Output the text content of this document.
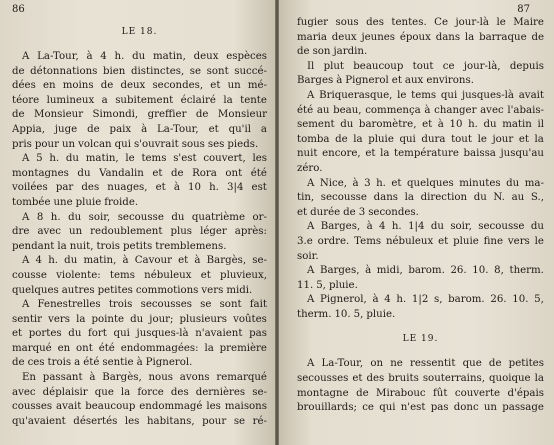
86
LE 18.
A La-Tour, à 4 h. du matin, deux espèces
de détonnations bien distinctes, se sont succé-
dées en moins de deux secondes, et un mé-
téore lumineux a subitement éclairé la tente
de Monsieur Simondi, greffier de Monsieur
Appia, juge de paix à La-Tour, et qu'il a
pris pour un volcan qui s'ouvrait sous ses pieds.
A 5 h. du matin, le tems s'est couvert, les
montagnes du Vandalin et de Rora ont été
voilées par des nuages, et à 10 h. 3|4 est
tombée une pluie froide.
A 8 h. du soir, secousse du quatrième or-
dre avec un redoublement plus léger après:
pendant la nuit, trois petits tremblemens.
A 4 h. du matin, à Cavour et à Bargès, se-
cousse violente: tems nébuleux et pluvieux,
quelques autres petites commotions vers midi.
A Fenestrelles trois secousses se sont fait
sentir vers la pointe du jour; plusieurs voûtes
et portes du fort qui jusques-là n'avaient pas
marqué en ont été endommagées: la première
de ces trois a été sentie à Pignerol.
En passant à Bargès, nous avons remarqué
avec déplaisir que la force des dernières se-
cousses avait beaucoup endommagé les maisons
qu'avaient désertés les habitans, pour se ré-
87
fugier sous des tentes. Ce jour-là le Maire
maria deux jeunes époux dans la barraque de
de son jardin.
Il plut beaucoup tout ce jour-là, depuis
Barges à Pignerol et aux environs.
A Briquerasque, le tems qui jusques-là avait
été au beau, commença à changer avec l'abais-
sement du baromètre, et à 10 h. du matin il
tomba de la pluie qui dura tout le jour et la
nuit encore, et la température baissa jusqu'au
zéro.
A Nice, à 3 h. et quelques minutes du ma-
tin, secousse dans la direction du N. au S.,
et durée de 3 secondes.
A Barges, à 4 h. 1|4 du soir, secousse du
3.e ordre. Tems nébuleux et pluie fine vers le
soir.
A Barges, à midi, barom. 26. 10. 8, therm.
11. 5, pluie.
A Pignerol, à 4 h. 1|2 s, barom. 26. 10. 5,
therm. 10. 5, pluie.
LE 19.
A La-Tour, on ne ressentit que de petites
secousses et des bruits souterrains, quoique la
montagne de Mirabouc fût couverte d'épais
brouillards; ce qui n'est pas donc un passage
